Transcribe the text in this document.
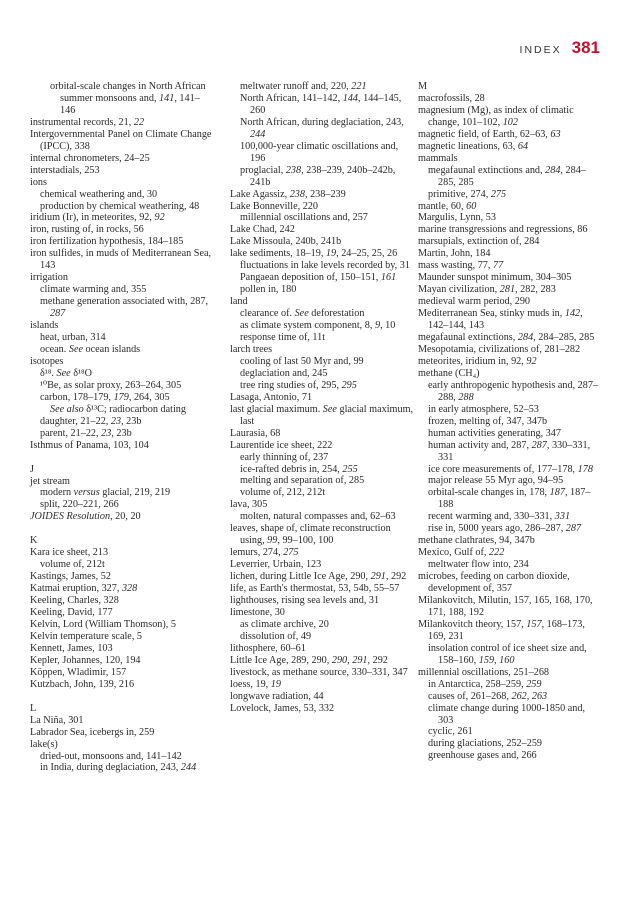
INDEX 381

orbital-scale changes in North African summer monsoons and, 141, 141–146

instrumental records, 21, 22

Intergovernmental Panel on Climate Change (IPCC), 338

internal chronometers, 24–25

interstadials, 253

ions

chemical weathering and, 30

production by chemical weathering, 48

iridium (Ir), in meteorites, 92, 92

iron, rusting of, in rocks, 56

iron fertilization hypothesis, 184–185

iron sulfides, in muds of Mediterranean Sea, 143

irrigation

climate warming and, 355

methane generation associated with, 287, 287

islands

heat, urban, 314

ocean. See ocean islands

isotopes

δ¹⁸. See δ¹⁸O

¹⁰Be, as solar proxy, 263–264, 305

carbon, 178–179, 179, 264, 305

See also δ¹³C; radiocarbon dating

daughter, 21–22, 23, 23b

parent, 21–22, 23, 23b

Isthmus of Panama, 103, 104

J

jet stream

modern versus glacial, 219, 219

split, 220–221, 266

JOIDES Resolution, 20, 20

K

Kara ice sheet, 213

volume of, 212t

Kastings, James, 52

Katmai eruption, 327, 328

Keeling, Charles, 328

Keeling, David, 177

Kelvin, Lord (William Thomson), 5

Kelvin temperature scale, 5

Kennett, James, 103

Kepler, Johannes, 120, 194

Köppen, Wladimir, 157

Kutzbach, John, 139, 216

L

La Niña, 301

Labrador Sea, icebergs in, 259

lake(s)

dried-out, monsoons and, 141–142

in India, during deglaciation, 243, 244

meltwater runoff and, 220, 221

North African, 141–142, 144, 144–145, 260

North African, during deglaciation, 243, 244

100,000-year climatic oscillations and, 196

proglacial, 238, 238–239, 240b–242b, 241b

Lake Agassiz, 238, 238–239

Lake Bonneville, 220

millennial oscillations and, 257

Lake Chad, 242

Lake Missoula, 240b, 241b

lake sediments, 18–19, 19, 24–25, 25, 26

fluctuations in lake levels recorded by, 31

Pangaean deposition of, 150–151, 161

pollen in, 180

land

clearance of. See deforestation

as climate system component, 8, 9, 10

response time of, 11t

larch trees

cooling of last 50 Myr and, 99

deglaciation and, 245

tree ring studies of, 295, 295

Lasaga, Antonio, 71

last glacial maximum. See glacial maximum, last

Laurasia, 68

Laurentide ice sheet, 222

early thinning of, 237

ice-rafted debris in, 254, 255

melting and separation of, 285

volume of, 212, 212t

lava, 305

molten, natural compasses and, 62–63

leaves, shape of, climate reconstruction using, 99, 99–100, 100

lemurs, 274, 275

Leverrier, Urbain, 123

lichen, during Little Ice Age, 290, 291, 292

life, as Earth's thermostat, 53, 54b, 55–57

lighthouses, rising sea levels and, 31

limestone, 30

as climate archive, 20

dissolution of, 49

lithosphere, 60–61

Little Ice Age, 289, 290, 290, 291, 292

livestock, as methane source, 330–331, 347

loess, 19, 19

longwave radiation, 44

Lovelock, James, 53, 332

M

macrofossils, 28

magnesium (Mg), as index of climatic change, 101–102, 102

magnetic field, of Earth, 62–63, 63

magnetic lineations, 63, 64

mammals

megafaunal extinctions and, 284, 284–285, 285

primitive, 274, 275

mantle, 60, 60

Margulis, Lynn, 53

marine transgressions and regressions, 86

marsupials, extinction of, 284

Martin, John, 184

mass wasting, 77, 77

Maunder sunspot minimum, 304–305

Mayan civilization, 281, 282, 283

medieval warm period, 290

Mediterranean Sea, stinky muds in, 142, 142–144, 143

megafaunal extinctions, 284, 284–285, 285

Mesopotamia, civilizations of, 281–282

meteorites, iridium in, 92, 92

methane (CH₄)

early anthropogenic hypothesis and, 287–288, 288

in early atmosphere, 52–53

frozen, melting of, 347, 347b

human activities generating, 347

human activity and, 287, 287, 330–331, 331

ice core measurements of, 177–178, 178

major release 55 Myr ago, 94–95

orbital-scale changes in, 178, 187, 187–188

recent warming and, 330–331, 331

rise in, 5000 years ago, 286–287, 287

methane clathrates, 94, 347b

Mexico, Gulf of, 222

meltwater flow into, 234

microbes, feeding on carbon dioxide, development of, 357

Milankovitch, Milutin, 157, 165, 168, 170, 171, 188, 192

Milankovitch theory, 157, 157, 168–173, 169, 231

insolation control of ice sheet size and, 158–160, 159, 160

millennial oscillations, 251–268

in Antarctica, 258–259, 259

causes of, 261–268, 262, 263

climate change during 1000-1850 and, 303

cyclic, 261

during glaciations, 252–259

greenhouse gases and, 266
